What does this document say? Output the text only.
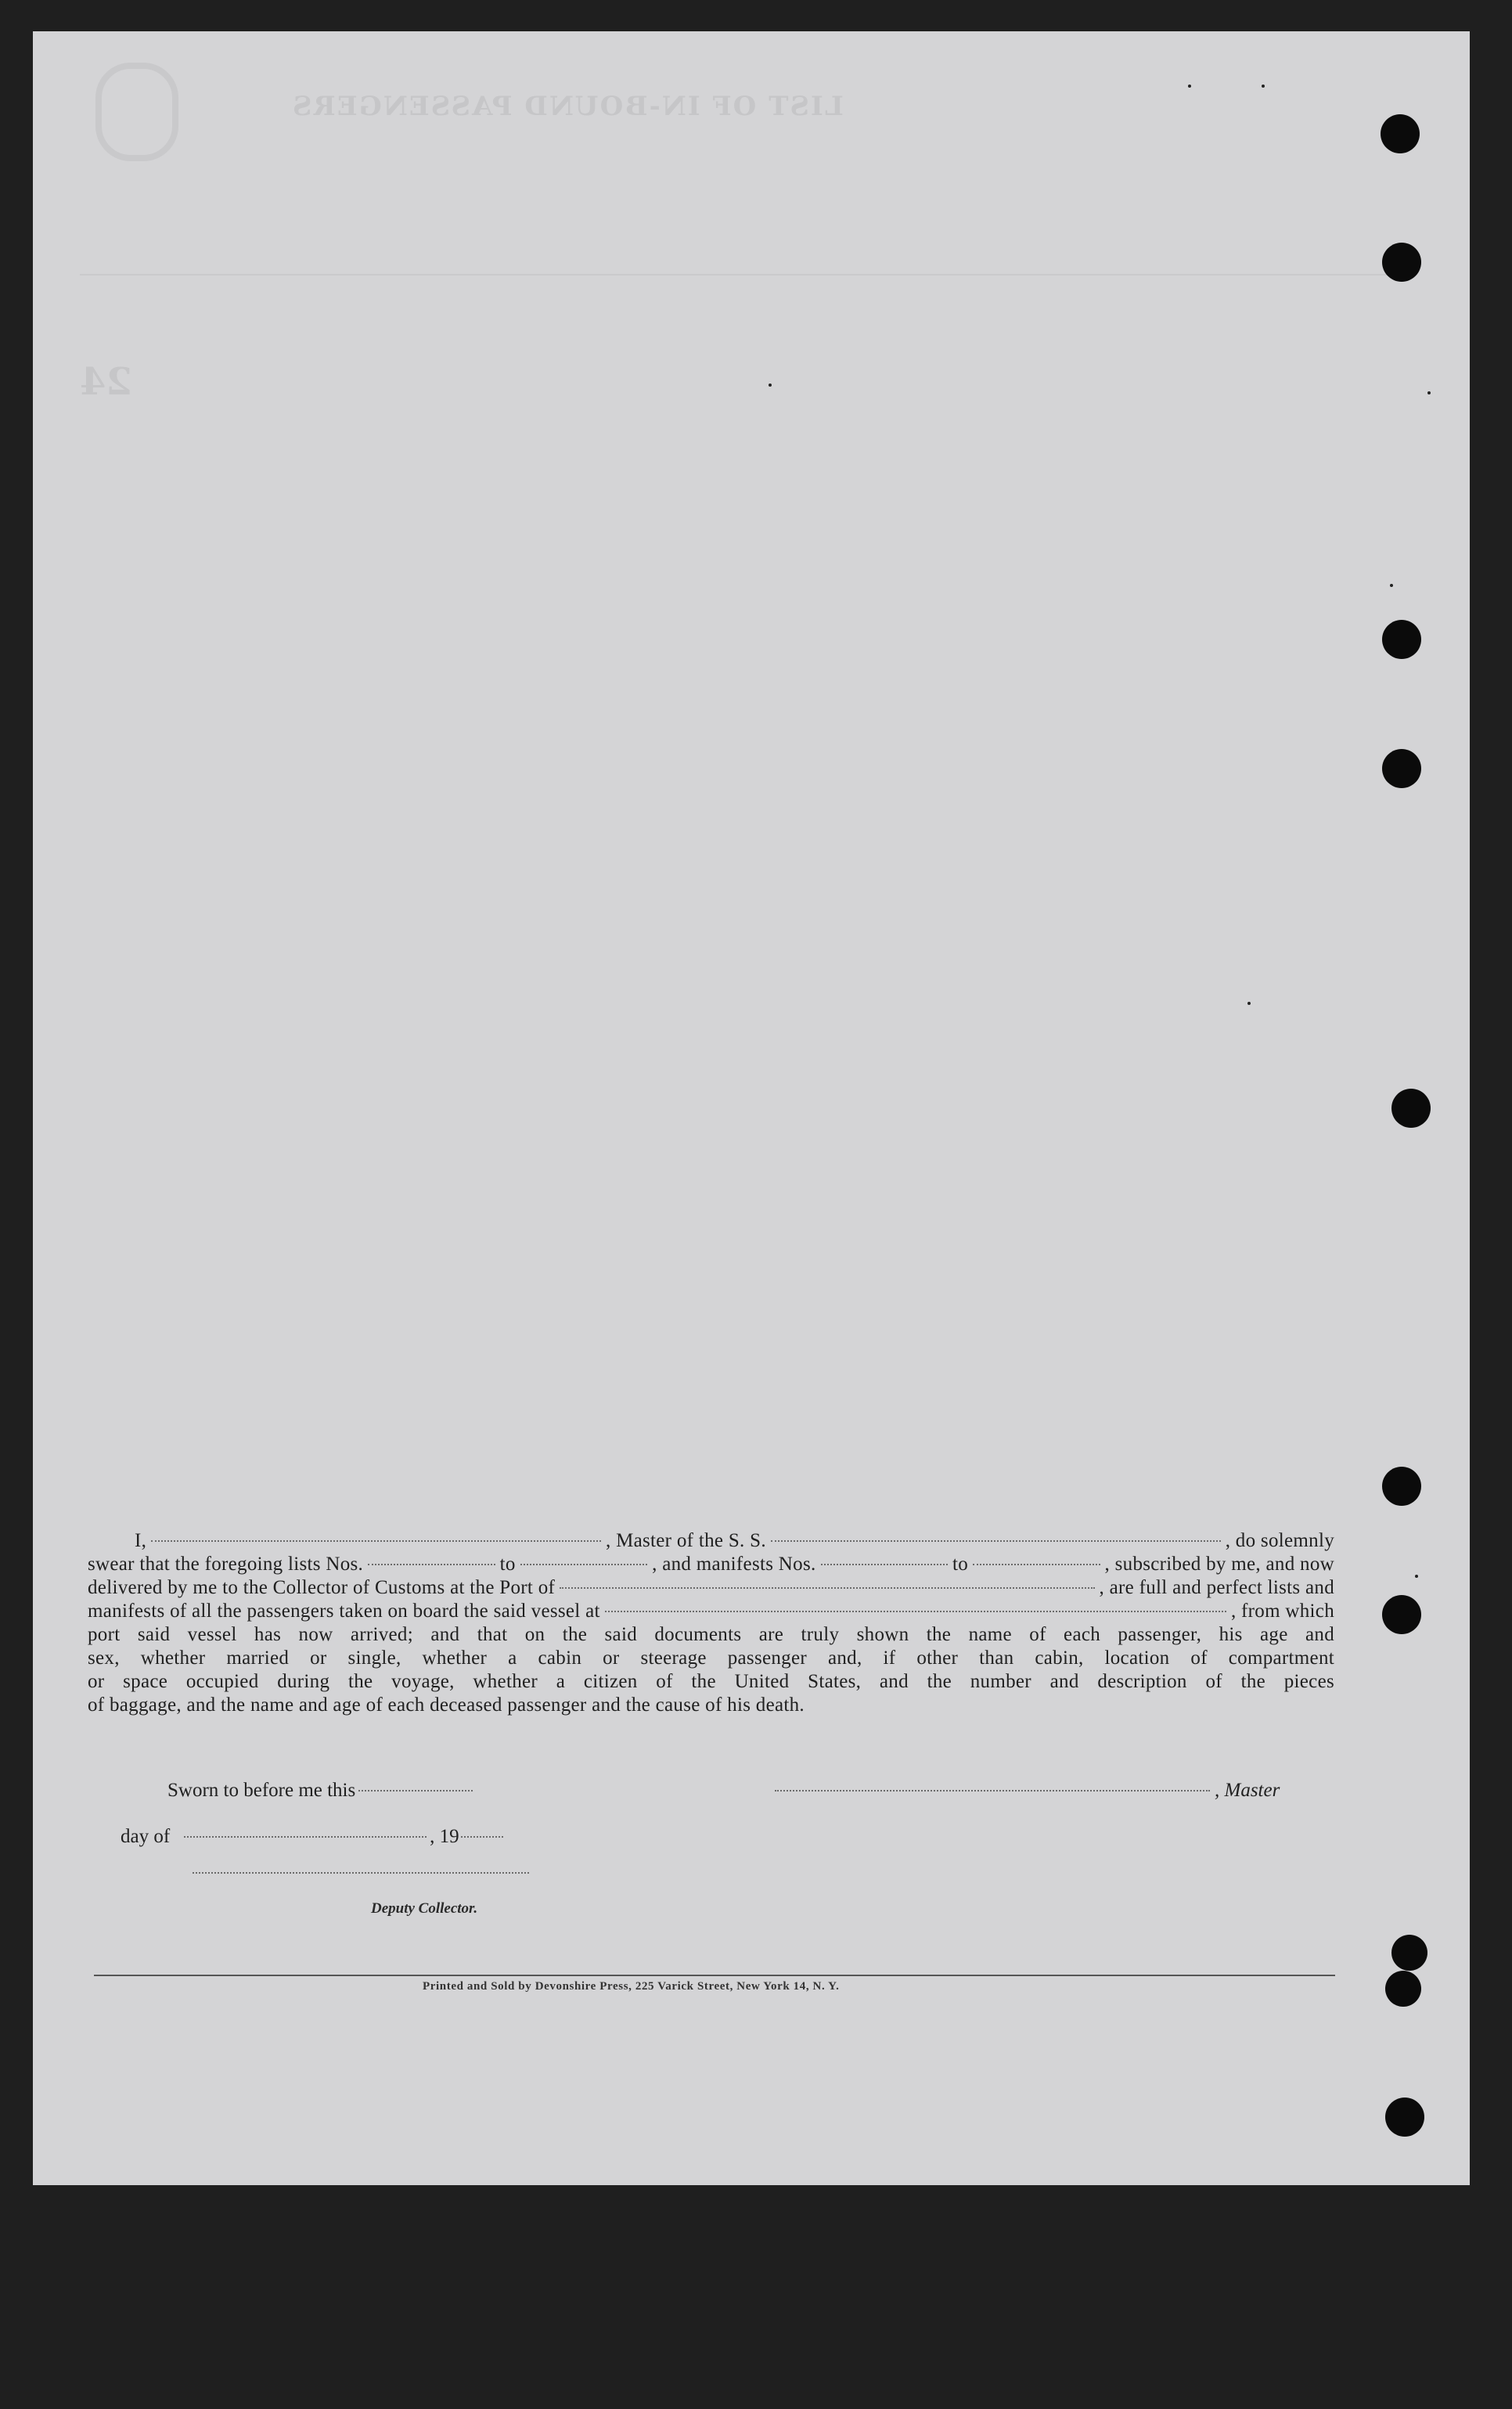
LIST OF IN-BOUND PASSENGERS
24
I,	, Master of the S. S.	, do solemnly
swear that the foregoing lists Nos.	to	, and manifests Nos.	to	, subscribed by me, and now
delivered by me to the Collector of Customs at the Port of	, are full and perfect lists and
manifests of all the passengers taken on board the said vessel at	, from which
port said vessel has now arrived; and that on the said documents are truly shown the name of each passenger, his age and
sex, whether married or single, whether a cabin or steerage passenger and, if other than cabin, location of compartment
or space occupied during the voyage, whether a citizen of the United States, and the number and description of the pieces
of baggage, and the name and age of each deceased passenger and the cause of his death.
Sworn to before me this	, Master
day of	, 19
Deputy Collector.
Printed and Sold by Devonshire Press, 225 Varick Street, New York 14, N. Y.
